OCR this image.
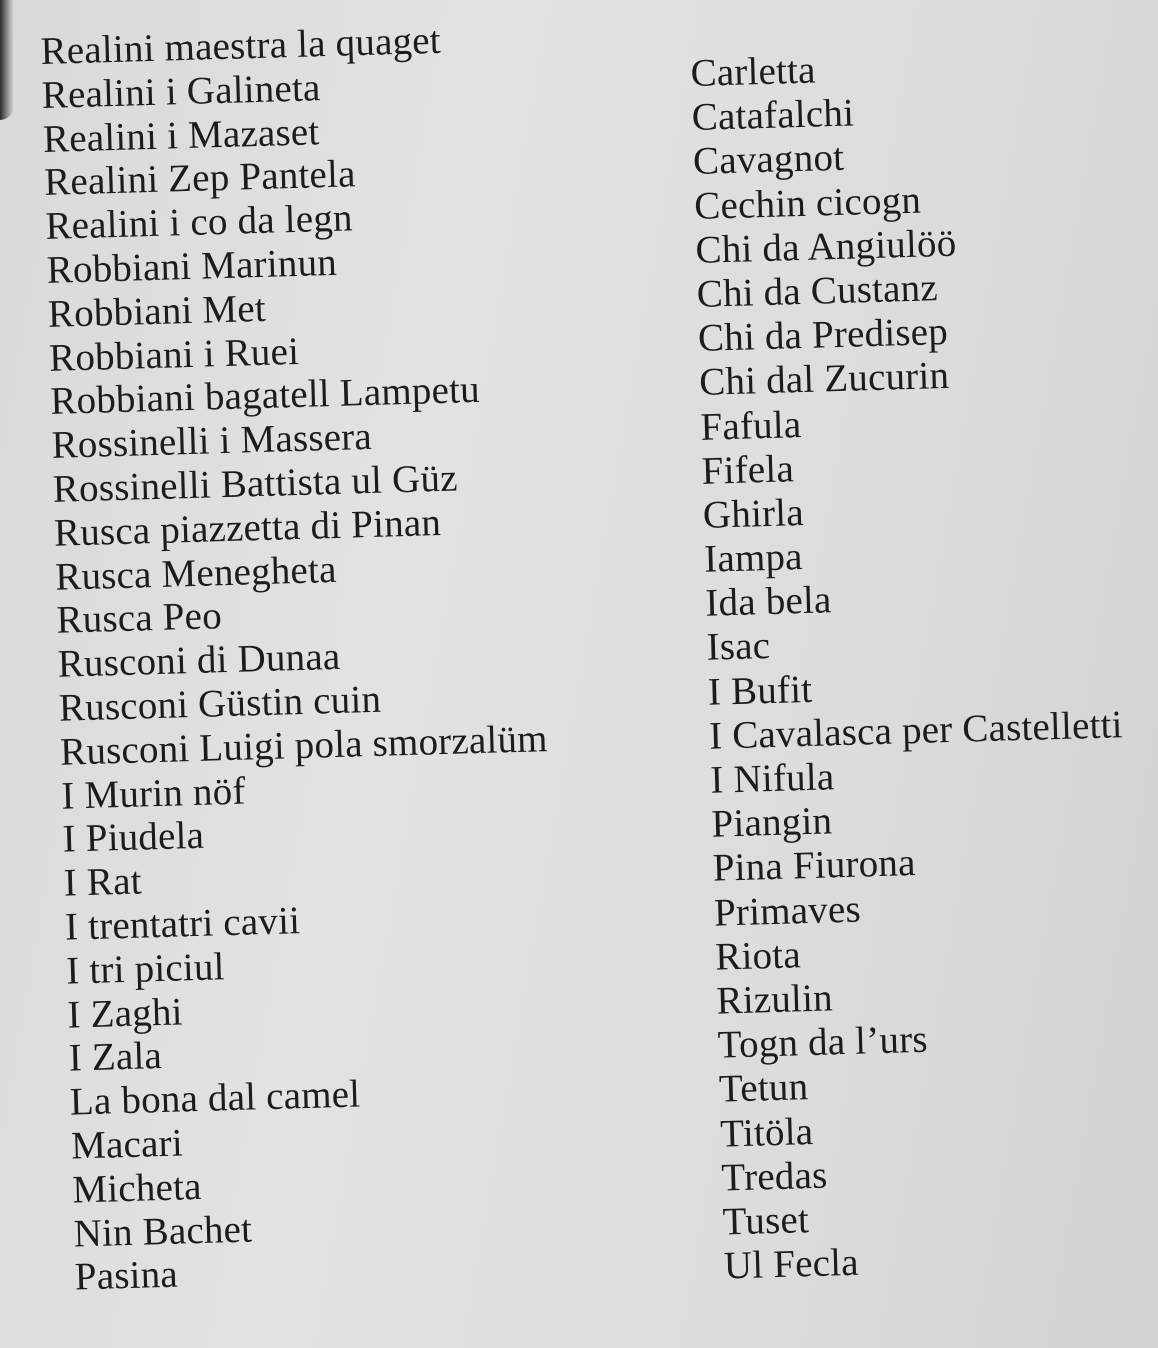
Realini maestra la quaget
Realini i Galineta
Realini i Mazaset
Realini Zep Pantela
Realini i co da legn
Robbiani Marinun
Robbiani Met
Robbiani i Ruei
Robbiani bagatell Lampetu
Rossinelli i Massera
Rossinelli Battista ul Güz
Rusca piazzetta di Pinan
Rusca Menegheta
Rusca Peo
Rusconi di Dunaa
Rusconi Güstin cuin
Rusconi Luigi pola smorzalüm
I Murin nöf
I Piudela
I Rat
I trentatri cavii
I tri piciul
I Zaghi
I Zala
La bona dal camel
Macari
Micheta
Nin Bachet
Pasina
Carletta
Catafalchi
Cavagnot
Cechin cicogn
Chi da Angiulöö
Chi da Custanz
Chi da Predisep
Chi dal Zucurin
Fafula
Fifela
Ghirla
Iampa
Ida bela
Isac
I Bufit
I Cavalasca per Castelletti
I Nifula
Piangin
Pina Fiurona
Primaves
Riota
Rizulin
Togn da l’urs
Tetun
Titöla
Tredas
Tuset
Ul Fecla
